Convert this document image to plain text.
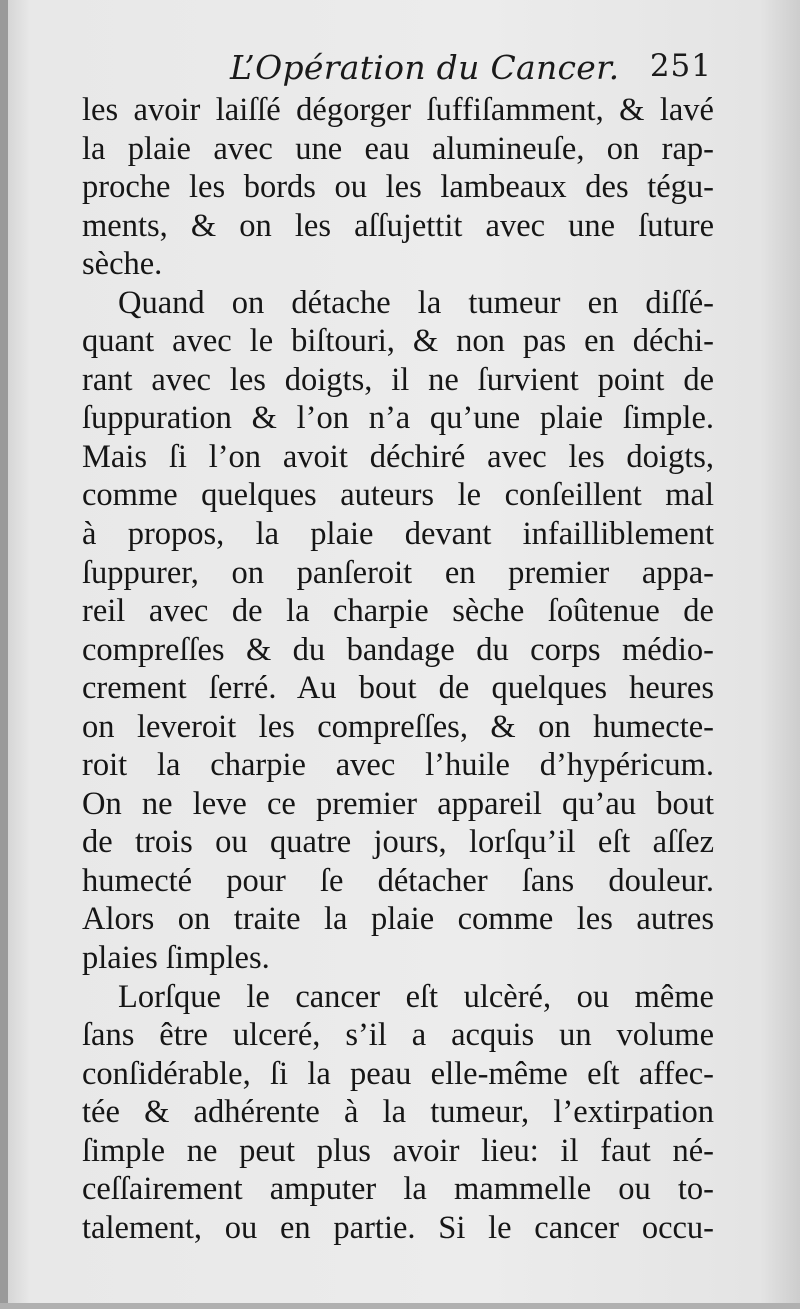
L’Opération du Cancer. 251
les avoir laiſſé dégorger ſuffiſamment, & lavé
la plaie avec une eau alumineuſe, on rap-
proche les bords ou les lambeaux des tégu-
ments, & on les aſſujettit avec une ſuture
sèche.
Quand on détache la tumeur en diſſé-
quant avec le biſtouri, & non pas en déchi-
rant avec les doigts, il ne ſurvient point de
ſuppuration & l’on n’a qu’une plaie ſimple.
Mais ſi l’on avoit déchiré avec les doigts,
comme quelques auteurs le conſeillent mal
à propos, la plaie devant infailliblement
ſuppurer, on panſeroit en premier appa-
reil avec de la charpie sèche ſoûtenue de
compreſſes & du bandage du corps médio-
crement ſerré. Au bout de quelques heures
on leveroit les compreſſes, & on humecte-
roit la charpie avec l’huile d’hypéricum.
On ne leve ce premier appareil qu’au bout
de trois ou quatre jours, lorſqu’il eſt aſſez
humecté pour ſe détacher ſans douleur.
Alors on traite la plaie comme les autres
plaies ſimples.
Lorſque le cancer eſt ulcèré, ou même
ſans être ulceré, s’il a acquis un volume
conſidérable, ſi la peau elle-même eſt affec-
tée & adhérente à la tumeur, l’extirpation
ſimple ne peut plus avoir lieu: il faut né-
ceſſairement amputer la mammelle ou to-
talement, ou en partie. Si le cancer occu-
